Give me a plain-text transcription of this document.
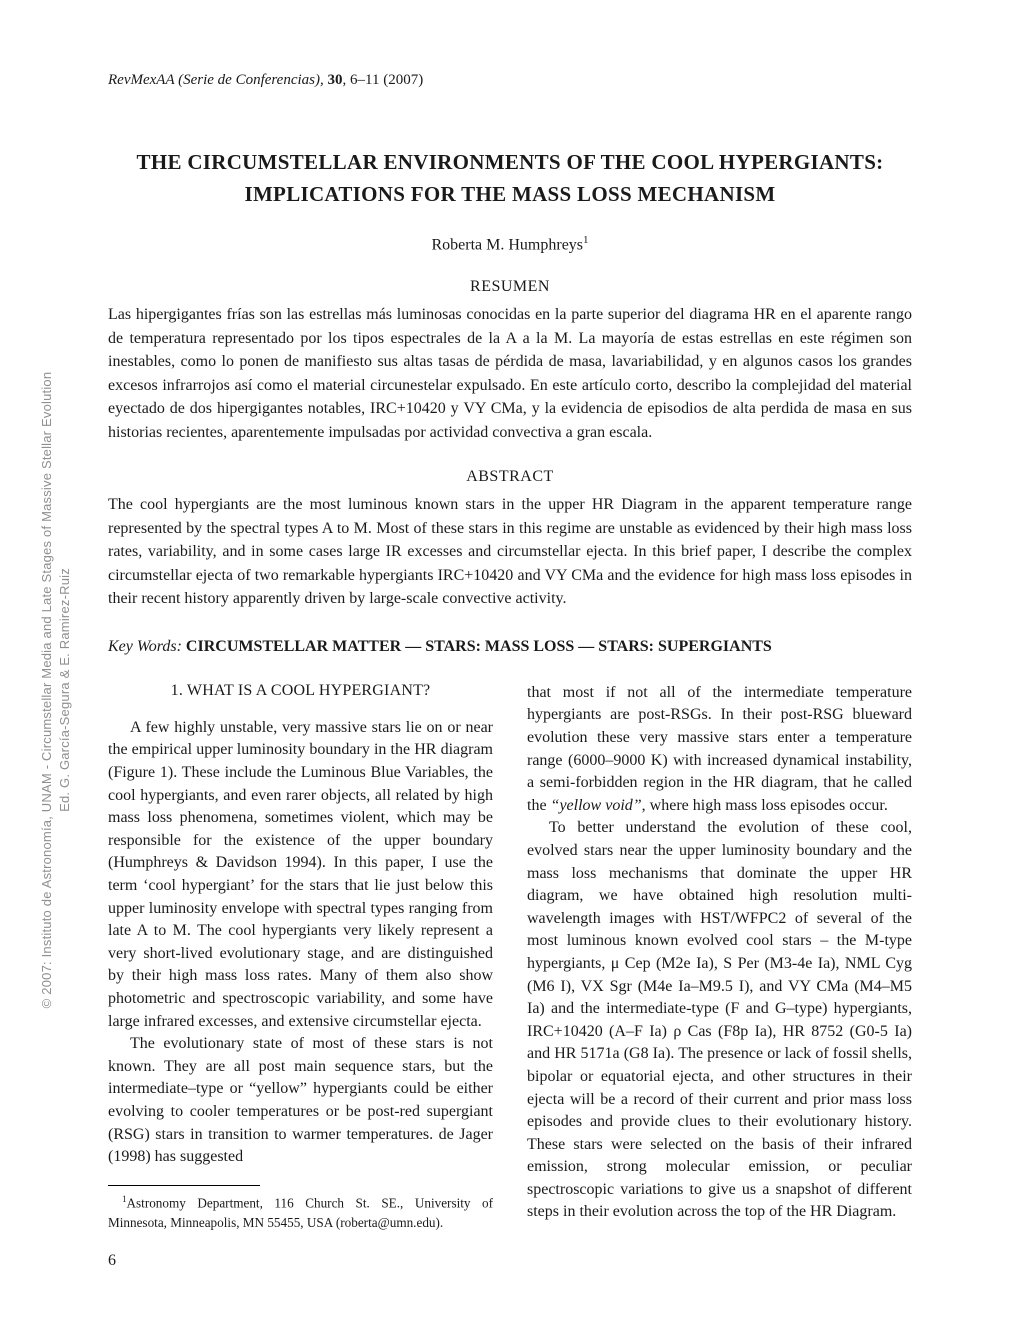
© 2007: Instituto de Astronomía, UNAM - Circumstellar Media and Late Stages of Massive Stellar Evolution Ed. G. García-Segura & E. Ramirez-Ruiz
RevMexAA (Serie de Conferencias), 30, 6–11 (2007)
THE CIRCUMSTELLAR ENVIRONMENTS OF THE COOL HYPERGIANTS:
IMPLICATIONS FOR THE MASS LOSS MECHANISM
Roberta M. Humphreys$^1$
RESUMEN

Las hipergigantes frías son las estrellas más luminosas conocidas en la parte superior del diagrama HR en el aparente rango de temperatura representado por los tipos espectrales de la A a la M. La mayoría de estas estrellas en este régimen son inestables, como lo ponen de manifiesto sus altas tasas de pérdida de masa, lavariabilidad, y en algunos casos los grandes excesos infrarrojos así como el material circunestelar expulsado. En este artículo corto, describo la complejidad del material eyectado de dos hipergigantes notables, IRC+10420 y VY CMa, y la evidencia de episodios de alta perdida de masa en sus historias recientes, aparentemente impulsadas por actividad convectiva a gran escala.

ABSTRACT

The cool hypergiants are the most luminous known stars in the upper HR Diagram in the apparent temperature range represented by the spectral types A to M. Most of these stars in this regime are unstable as evidenced by their high mass loss rates, variability, and in some cases large IR excesses and circumstellar ejecta. In this brief paper, I describe the complex circumstellar ejecta of two remarkable hypergiants IRC+10420 and VY CMa and the evidence for high mass loss episodes in their recent history apparently driven by large-scale convective activity.

Key Words: CIRCUMSTELLAR MATTER — STARS: MASS LOSS — STARS: SUPERGIANTS
1. WHAT IS A COOL HYPERGIANT?

A few highly unstable, very massive stars lie on or near the empirical upper luminosity boundary in the HR diagram (Figure 1). These include the Luminous Blue Variables, the cool hypergiants, and even rarer objects, all related by high mass loss phenomena, sometimes violent, which may be responsible for the existence of the upper boundary (Humphreys & Davidson 1994). In this paper, I use the term ‘cool hypergiant’ for the stars that lie just below this upper luminosity envelope with spectral types ranging from late A to M. The cool hypergiants very likely represent a very short-lived evolutionary stage, and are distinguished by their high mass loss rates. Many of them also show photometric and spectroscopic variability, and some have large infrared excesses, and extensive circumstellar ejecta.

The evolutionary state of most of these stars is not known. They are all post main sequence stars, but the intermediate–type or “yellow” hypergiants could be either evolving to cooler temperatures or be post-red supergiant (RSG) stars in transition to warmer temperatures. de Jager (1998) has suggested

$^1$Astronomy Department, 116 Church St. SE., University of Minnesota, Minneapolis, MN 55455, USA (roberta@umn.edu).

6

that most if not all of the intermediate temperature hypergiants are post-RSGs. In their post-RSG blueward evolution these very massive stars enter a temperature range (6000–9000 K) with increased dynamical instability, a semi-forbidden region in the HR diagram, that he called the “yellow void”, where high mass loss episodes occur.

To better understand the evolution of these cool, evolved stars near the upper luminosity boundary and the mass loss mechanisms that dominate the upper HR diagram, we have obtained high resolution multi-wavelength images with HST/WFPC2 of several of the most luminous known evolved cool stars – the M-type hypergiants, μ Cep (M2e Ia), S Per (M3-4e Ia), NML Cyg (M6 I), VX Sgr (M4e Ia–M9.5 I), and VY CMa (M4–M5 Ia) and the intermediate-type (F and G–type) hypergiants, IRC+10420 (A–F Ia) ρ Cas (F8p Ia), HR 8752 (G0-5 Ia) and HR 5171a (G8 Ia). The presence or lack of fossil shells, bipolar or equatorial ejecta, and other structures in their ejecta will be a record of their current and prior mass loss episodes and provide clues to their evolutionary history. These stars were selected on the basis of their infrared emission, strong molecular emission, or peculiar spectroscopic variations to give us a snapshot of different steps in their evolution across the top of the HR Diagram.
